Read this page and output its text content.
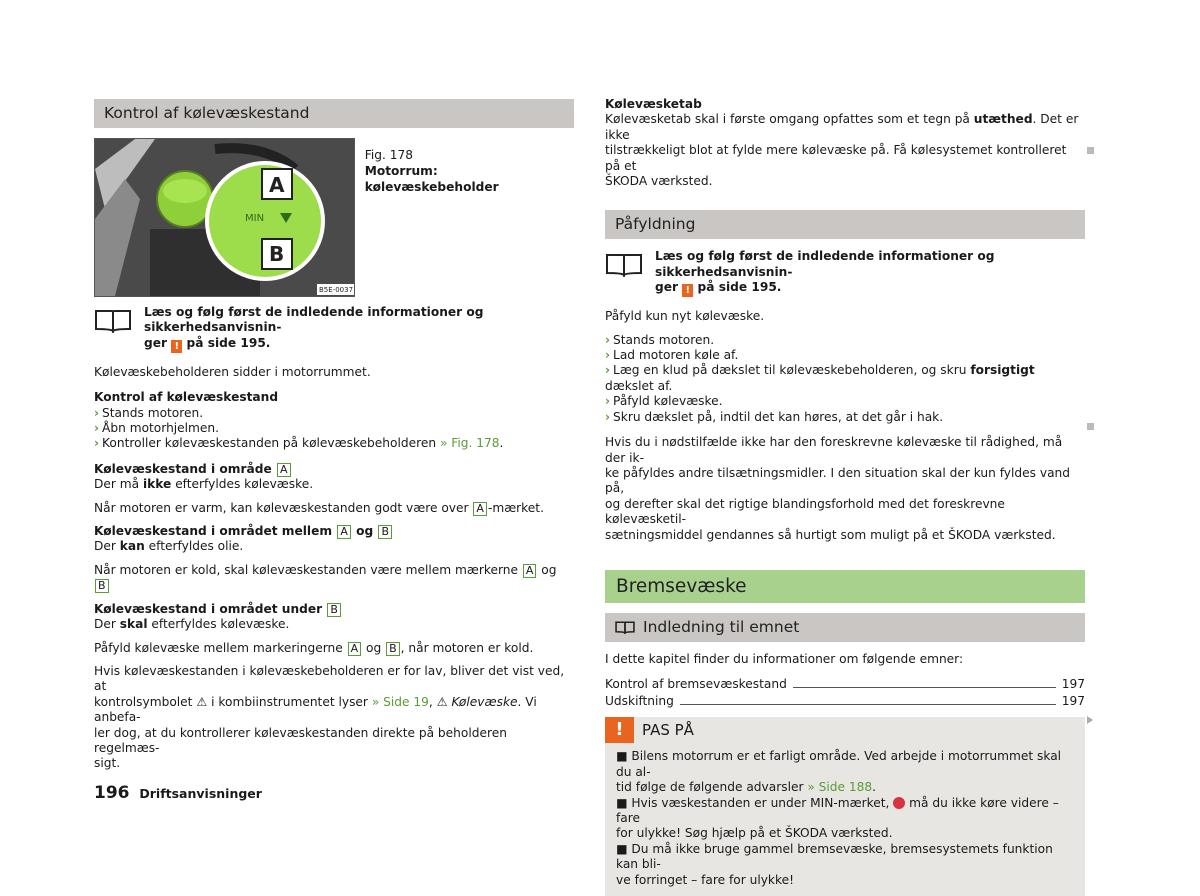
Kontrol af kølevæskestand
MIN
A
B
B5E-0037
Fig. 178
Motorrum: kølevæskebeholder
Læs og følg først de indledende informationer og sikkerhedsanvisnin-
ger ! på side 195.

Kølevæskebeholderen sidder i motorrummet.

Kontrol af kølevæskestand
› Stands motoren.
› Åbn motorhjelmen.
› Kontroller kølevæskestanden på kølevæskebeholderen » Fig. 178.
Kølevæskestand i område A
Der må ikke efterfyldes kølevæske.

Når motoren er varm, kan kølevæskestanden godt være over A -mærket.

Kølevæskestand i området mellem A og B
Der kan efterfyldes olie.

Når motoren er kold, skal kølevæskestanden være mellem mærkerne A og B

Kølevæskestand i området under B
Der skal efterfyldes kølevæske.

Påfyld kølevæske mellem markeringerne A og B , når motoren er kold.

Hvis kølevæskestanden i kølevæskebeholderen er for lav, bliver det vist ved, at
kontrolsymbolet ⚠ i kombiinstrumentet lyser » Side 19, ⚠ Kølevæske. Vi anbefa-
ler dog, at du kontrollerer kølevæskestanden direkte på beholderen regelmæs-
sigt.
Kølevæsketab
Kølevæsketab skal i første omgang opfattes som et tegn på utæthed. Det er ikke
tilstrækkeligt blot at fylde mere kølevæske på. Få kølesystemet kontrolleret på et
ŠKODA værksted.
Påfyldning
Læs og følg først de indledende informationer og sikkerhedsanvisnin-
ger ! på side 195.

Påfyld kun nyt kølevæske.

› Stands motoren.
› Lad motoren køle af.
› Læg en klud på dækslet til kølevæskebeholderen, og skru forsigtigt dækslet af.
› Påfyld kølevæske.
› Skru dækslet på, indtil det kan høres, at det går i hak.
Hvis du i nødstilfælde ikke har den foreskrevne kølevæske til rådighed, må der ik-
ke påfyldes andre tilsætningsmidler. I den situation skal der kun fyldes vand på,
og derefter skal det rigtige blandingsforhold med det foreskrevne kølevæsketil-
sætningsmiddel gendannes så hurtigt som muligt på et ŠKODA værksted.
Bremsevæske
Indledning til emnet

I dette kapitel finder du informationer om følgende emner:

Kontrol af bremsevæskestand	197
Udskiftning	197
!	PAS PÅ
■ Bilens motorrum er et farligt område. Ved arbejde i motorrummet skal du al-
tid følge de følgende advarsler » Side 188.
■ Hvis væskestanden er under MIN-mærket, må du ikke køre videre – fare
for ulykke! Søg hjælp på et ŠKODA værksted.
■ Du må ikke bruge gammel bremsevæske, bremsesystemets funktion kan bli-
ve forringet – fare for ulykke!
196 Driftsanvisninger
